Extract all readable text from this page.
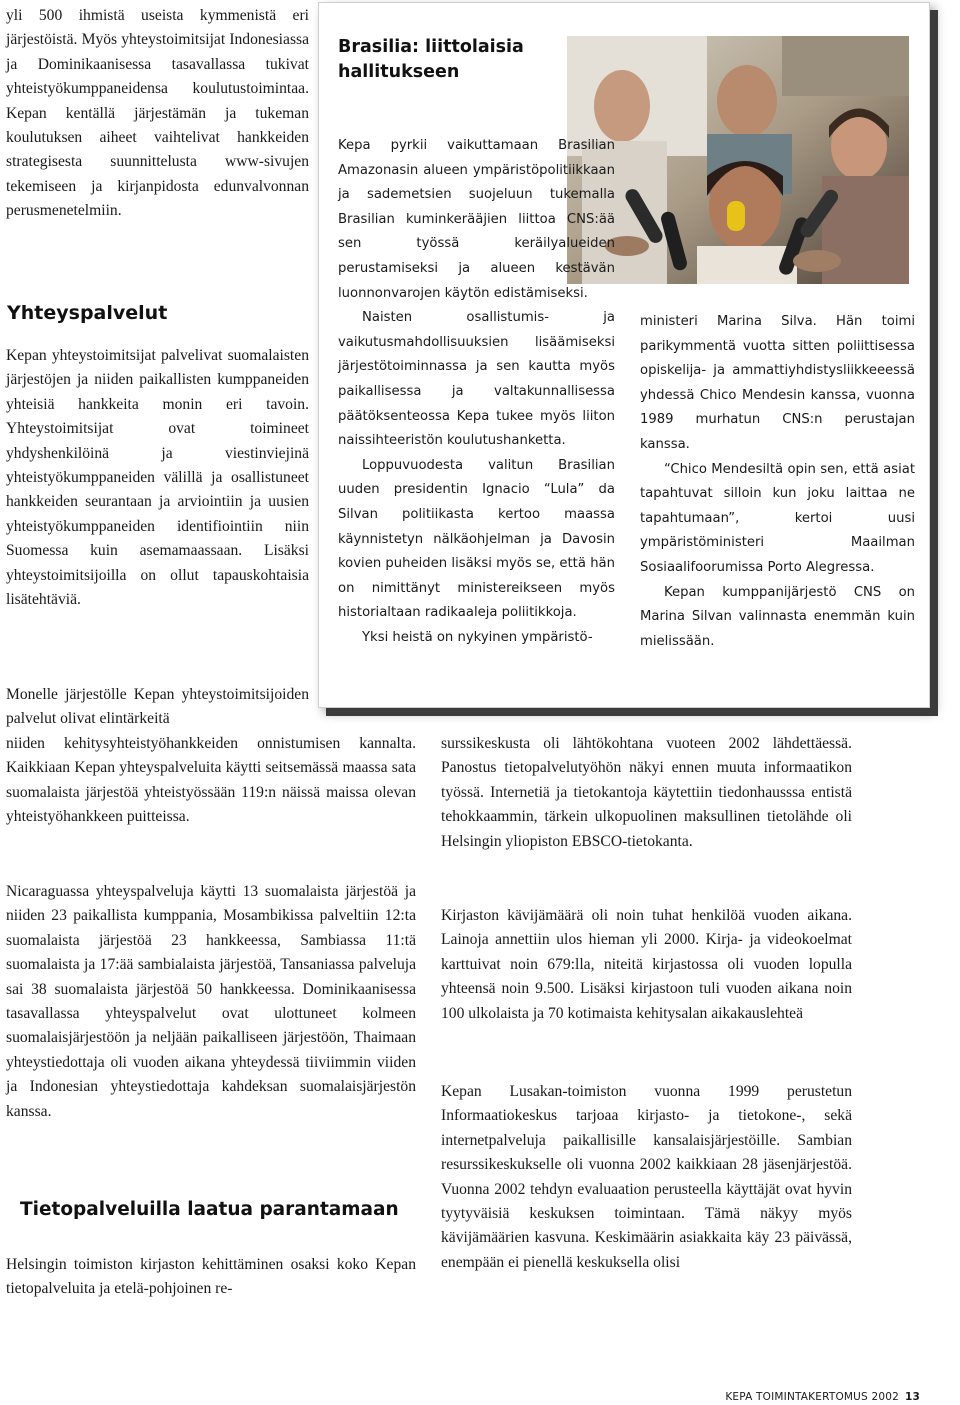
yli 500 ihmistä useista kymmenistä eri järjestöistä. Myös yhteystoimitsijat Indonesiassa ja Dominikaanisessa tasavallassa tukivat yhteistyökumppaneidensa koulutustoimintaa. Kepan kentällä järjestämän ja tukeman koulutuksen aiheet vaihtelivat hankkeiden strategisesta suunnittelusta www-sivujen tekemiseen ja kirjanpidosta edunvalvonnan perusmenetelmiin.

Yhteyspalvelut

Kepan yhteystoimitsijat palvelivat suomalaisten järjestöjen ja niiden paikallisten kumppaneiden yhteisiä hankkeita monin eri tavoin. Yhteystoimitsijat ovat toimineet yhdyshenkilöinä ja viestinviejinä yhteistyökumppaneiden välillä ja osallistuneet hankkeiden seurantaan ja arviointiin ja uusien yhteistyökumppaneiden identifiointiin niin Suomessa kuin asemamaassaan. Lisäksi yhteystoimitsijoilla on ollut tapauskohtaisia lisätehtäviä.

Monelle järjestölle Kepan yhteystoimitsijoiden palvelut olivat elintärkeitä

niiden kehitysyhteistyöhankkeiden onnistumisen kannalta. Kaikkiaan Kepan yhteyspalveluita käytti seitsemässä maassa sata suomalaista järjestöä yhteistyössään 119:n näissä maissa olevan yhteistyöhankkeen puitteissa.

Nicaraguassa yhteyspalveluja käytti 13 suomalaista järjestöä ja niiden 23 paikallista kumppania, Mosambikissa palveltiin 12:ta suomalaista järjestöä 23 hankkeessa, Sambiassa 11:tä suomalaista ja 17:ää sambialaista järjestöä, Tansaniassa palveluja sai 38 suomalaista järjestöä 50 hankkeessa. Dominikaanisessa tasavallassa yhteyspalvelut ovat ulottuneet kolmeen suomalaisjärjestöön ja neljään paikalliseen järjestöön, Thaimaan yhteystiedottaja oli vuoden aikana yhteydessä tiiviimmin viiden ja Indonesian yhteystiedottaja kahdeksan suomalaisjärjestön kanssa.

Tietopalveluilla laatua parantamaan

Helsingin toimiston kirjaston kehittäminen osaksi koko Kepan tietopalveluita ja etelä-pohjoinen re-

surssikeskusta oli lähtökohtana vuoteen 2002 lähdettäessä. Panostus tietopalvelutyöhön näkyi ennen muuta informaatikon työssä. Internetiä ja tietokantoja käytettiin tiedonhausssa entistä tehokkaammin, tärkein ulkopuolinen maksullinen tietolähde oli Helsingin yliopiston EBSCO-tietokanta.

Kirjaston kävijämäärä oli noin tuhat henkilöä vuoden aikana. Lainoja annettiin ulos hieman yli 2000. Kirja- ja videokoelmat karttuivat noin 679:lla, niteitä kirjastossa oli vuoden lopulla yhteensä noin 9.500. Lisäksi kirjastoon tuli vuoden aikana noin 100 ulkolaista ja 70 kotimaista kehitysalan aikakauslehteä

Kepan Lusakan-toimiston vuonna 1999 perustetun Informaatiokeskus tarjoaa kirjasto- ja tietokone-, sekä internetpalveluja paikallisille kansalaisjärjestöille. Sambian resurssikeskukselle oli vuonna 2002 kaikkiaan 28 jäsenjärjestöä. Vuonna 2002 tehdyn evaluaation perusteella käyttäjät ovat hyvin tyytyväisiä keskuksen toimintaan. Tämä näkyy myös kävijämäärien kasvuna. Keskimäärin asiakkaita käy 23 päivässä, enempään ei pienellä keskuksella olisi

Brasilia: liittolaisia hallitukseen

Kepa pyrkii vaikuttamaan Brasilian Amazonasin alueen ympäristöpolitiikkaan ja sademetsien suojeluun tukemalla Brasilian kuminkerääjien liittoa CNS:ää sen työssä keräilyalueiden perustamiseksi ja alueen kestävän luonnonvarojen käytön edistämiseksi.

Naisten osallistumis- ja vaikutusmahdollisuuksien lisäämiseksi järjestötoiminnassa ja sen kautta myös paikallisessa ja valtakunnallisessa päätöksenteossa Kepa tukee myös liiton naissihteeristön koulutushanketta.

Loppuvuodesta valitun Brasilian uuden presidentin Ignacio “Lula” da Silvan politiikasta kertoo maassa käynnistetyn nälkäohjelman ja Davosin kovien puheiden lisäksi myös se, että hän on nimittänyt ministereikseen myös historialtaan radikaaleja poliitikkoja.

Yksi heistä on nykyinen ympäristö-

ministeri Marina Silva. Hän toimi parikymmentä vuotta sitten poliittisessa opiskelija- ja ammattiyhdistysliikkeeessä yhdessä Chico Mendesin kanssa, vuonna 1989 murhatun CNS:n perustajan kanssa.

“Chico Mendesiltä opin sen, että asiat tapahtuvat silloin kun joku laittaa ne tapahtumaan”, kertoi uusi ympäristöministeri Maailman Sosiaalifoorumissa Porto Alegressa.

Kepan kumppanijärjestö CNS on Marina Silvan valinnasta enemmän kuin mielissään.

KEPA TOIMINTAKERTOMUS 2002 13
